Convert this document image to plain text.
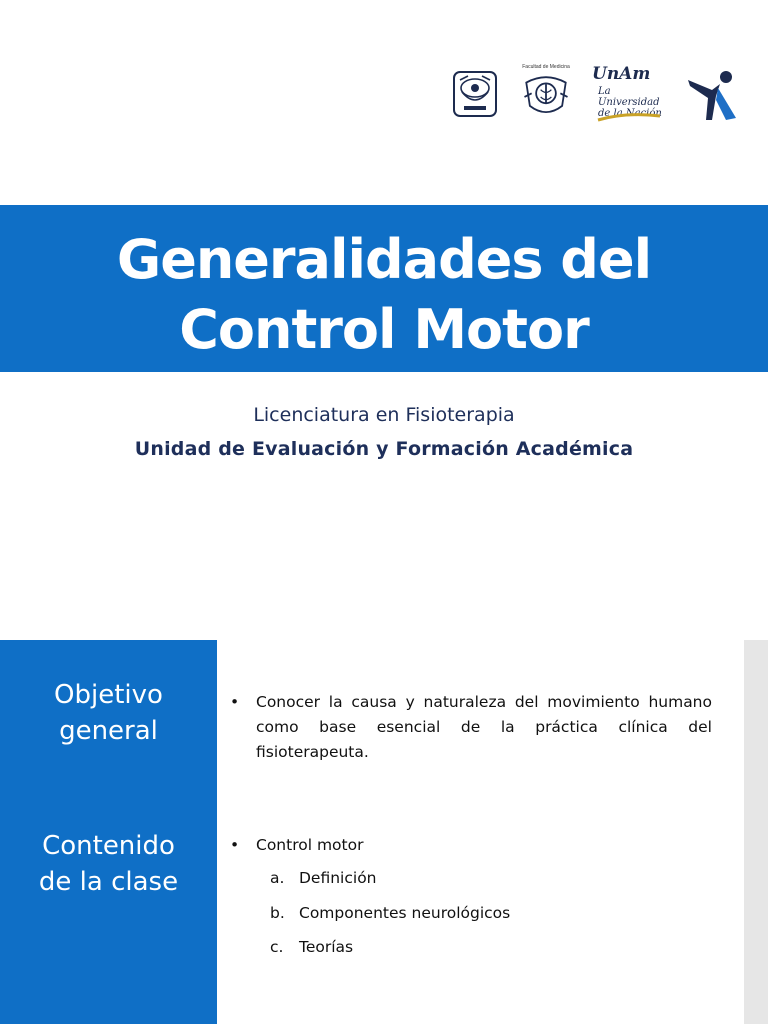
Facultad de Medicina UnAm
La Universidad de la Nación
Generalidades del
Control Motor
Licenciatura en Fisioterapia
Unidad de Evaluación y Formación Académica
Objetivo
general
Contenido
de la clase
• Conocer la causa y naturaleza del movimiento humano como base esencial de la práctica clínica del fisioterapeuta.
• Control motor
a. Definición
b. Componentes neurológicos
c. Teorías
